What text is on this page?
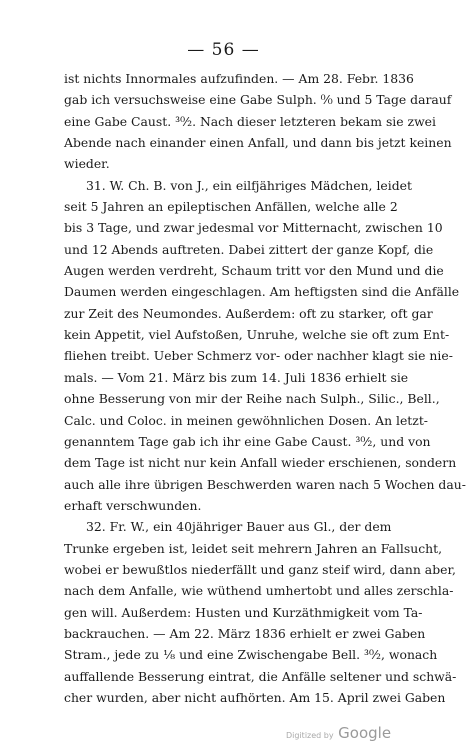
— 56 —
ist nichts Innormales aufzufinden. — Am 28. Febr. 1836
gab ich versuchsweise eine Gabe Sulph. ⁰⁄₀ und 5 Tage darauf
eine Gabe Caust. ³⁰⁄₂. Nach dieser letzteren bekam sie zwei
Abende nach einander einen Anfall, und dann bis jetzt keinen
wieder.
31. W. Ch. B. von J., ein eilfjähriges Mädchen, leidet
seit 5 Jahren an epileptischen Anfällen, welche alle 2
bis 3 Tage, und zwar jedesmal vor Mitternacht, zwischen 10
und 12 Abends auftreten. Dabei zittert der ganze Kopf, die
Augen werden verdreht, Schaum tritt vor den Mund und die
Daumen werden eingeschlagen. Am heftigsten sind die Anfälle
zur Zeit des Neumondes. Außerdem: oft zu starker, oft gar
kein Appetit, viel Aufstoßen, Unruhe, welche sie oft zum Ent-
fliehen treibt. Ueber Schmerz vor- oder nachher klagt sie nie-
mals. — Vom 21. März bis zum 14. Juli 1836 erhielt sie
ohne Besserung von mir der Reihe nach Sulph., Silic., Bell.,
Calc. und Coloc. in meinen gewöhnlichen Dosen. An letzt-
genanntem Tage gab ich ihr eine Gabe Caust. ³⁰⁄₂, und von
dem Tage ist nicht nur kein Anfall wieder erschienen, sondern
auch alle ihre übrigen Beschwerden waren nach 5 Wochen dau-
erhaft verschwunden.
32. Fr. W., ein 40jähriger Bauer aus Gl., der dem
Trunke ergeben ist, leidet seit mehrern Jahren an Fallsucht,
wobei er bewußtlos niederfällt und ganz steif wird, dann aber,
nach dem Anfalle, wie wüthend umhertobt und alles zerschla-
gen will. Außerdem: Husten und Kurzäthmigkeit vom Ta-
backrauchen. — Am 22. März 1836 erhielt er zwei Gaben
Stram., jede zu ⅛ und eine Zwischengabe Bell. ³⁰⁄₂, wonach
auffallende Besserung eintrat, die Anfälle seltener und schwä-
cher wurden, aber nicht aufhörten. Am 15. April zwei Gaben
Digitized by Google
